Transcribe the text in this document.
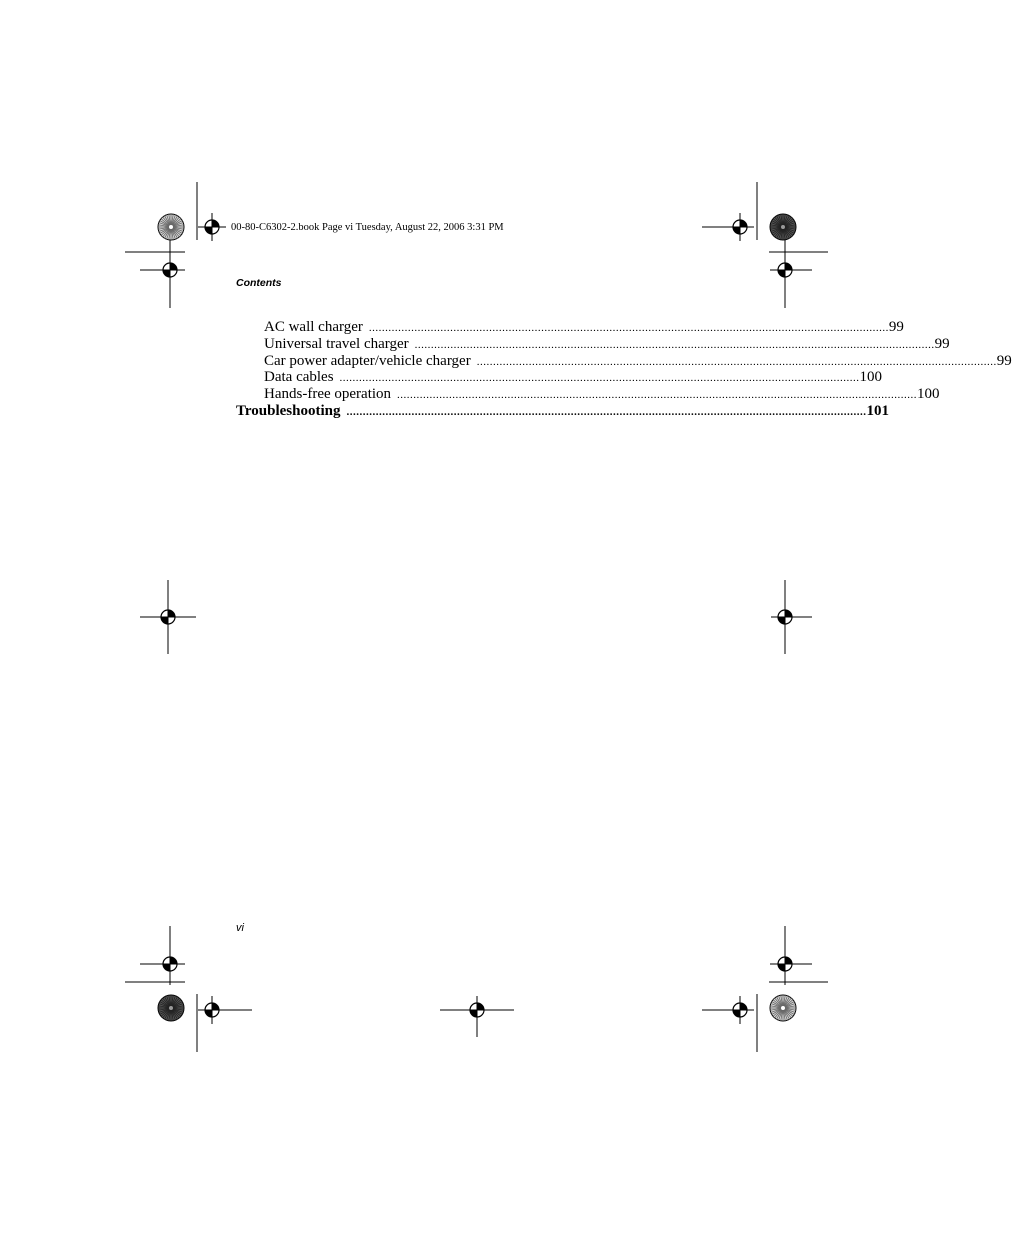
00-80-C6302-2.book Page vi Tuesday, August 22, 2006 3:31 PM
Contents
AC wall charger ................................................................................................................................................................ 99
Universal travel charger ................................................................................................................................................................ 99
Car power adapter/vehicle charger ................................................................................................................................................................ 99
Data cables ................................................................................................................................................................ 100
Hands-free operation ................................................................................................................................................................ 100
Troubleshooting ................................................................................................................................................................ 101
vi
